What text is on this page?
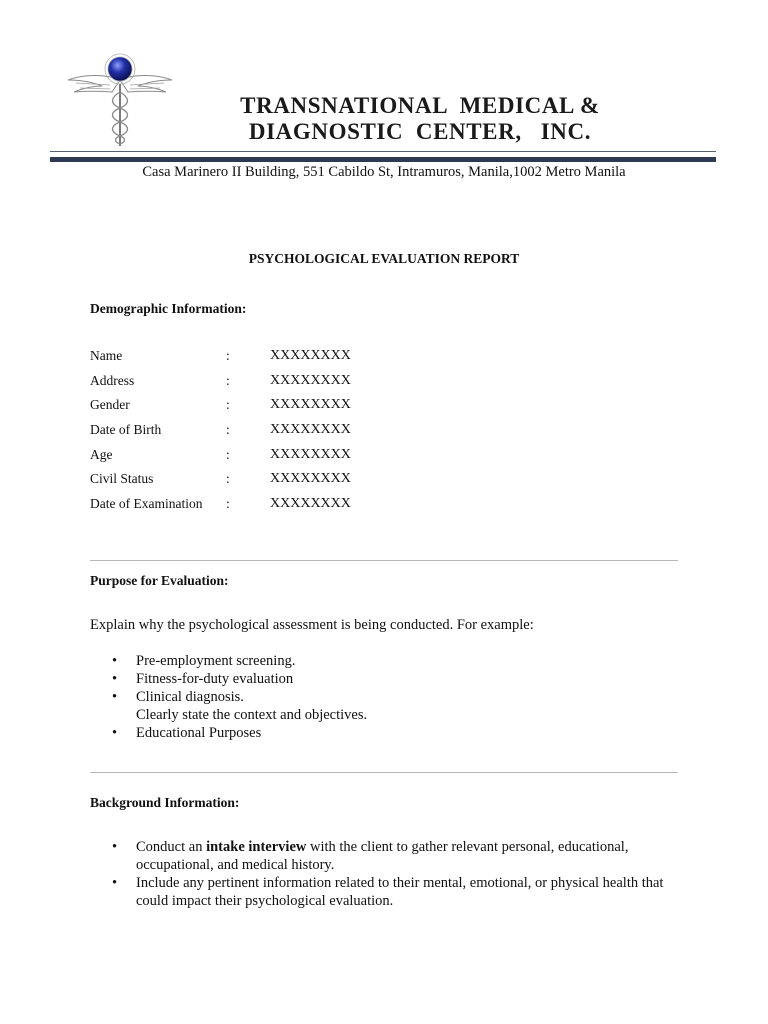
TRANSNATIONAL  MEDICAL &
DIAGNOSTIC  CENTER,   INC.
Casa Marinero II Building, 551 Cabildo St, Intramuros, Manila,1002 Metro Manila
PSYCHOLOGICAL EVALUATION REPORT
Demographic Information:
Name	:	XXXXXXXX
Address	:	XXXXXXXX
Gender	:	XXXXXXXX
Date of Birth	:	XXXXXXXX
Age	:	XXXXXXXX
Civil Status	:	XXXXXXXX
Date of Examination :	XXXXXXXX
Purpose for Evaluation:
Explain why the psychological assessment is being conducted. For example:
• Pre-employment screening.
• Fitness-for-duty evaluation
• Clinical diagnosis.
Clearly state the context and objectives.
• Educational Purposes
Background Information:
• Conduct an intake interview with the client to gather relevant personal, educational, occupational, and medical history.
• Include any pertinent information related to their mental, emotional, or physical health that could impact their psychological evaluation.
